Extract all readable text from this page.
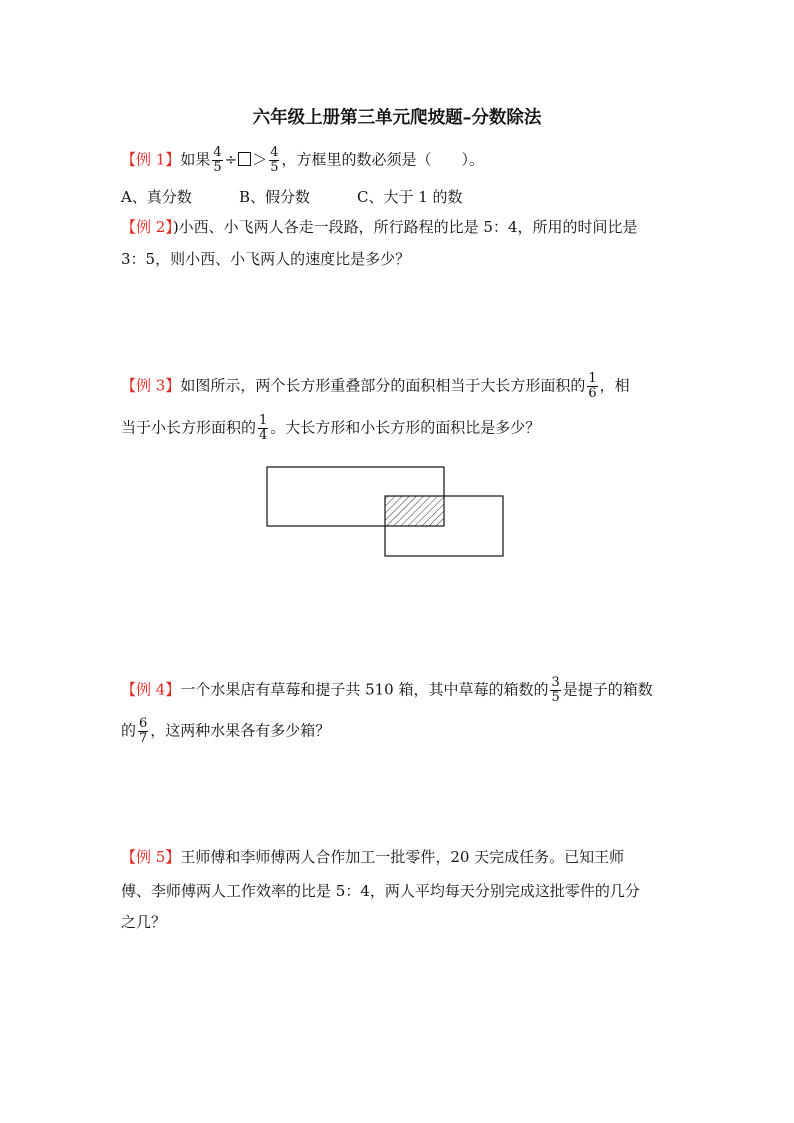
六年级上册第三单元爬坡题–分数除法
【例 1】如果 $\frac{4}{5}$ ÷ ＞ $\frac{4}{5}$ ，方框里的数必须是（　　）。
A、真分数	B、假分数	C、大于 1 的数
【例 2】)小西、小飞两人各走一段路，所行路程的比是 5：4，所用的时间比是
3：5，则小西、小飞两人的速度比是多少？
【例 3】如图所示，两个长方形重叠部分的面积相当于大长方形面积的 $\frac{1}{6}$ ，相
当于小长方形面积的 $\frac{1}{4}$ 。大长方形和小长方形的面积比是多少？
【例 4】一个水果店有草莓和提子共 510 箱，其中草莓的箱数的 $\frac{3}{5}$ 是提子的箱数
的 $\frac{6}{7}$ ，这两种水果各有多少箱？
【例 5】王师傅和李师傅两人合作加工一批零件，20 天完成任务。已知王师
傅、李师傅两人工作效率的比是 5：4，两人平均每天分别完成这批零件的几分
之几？
